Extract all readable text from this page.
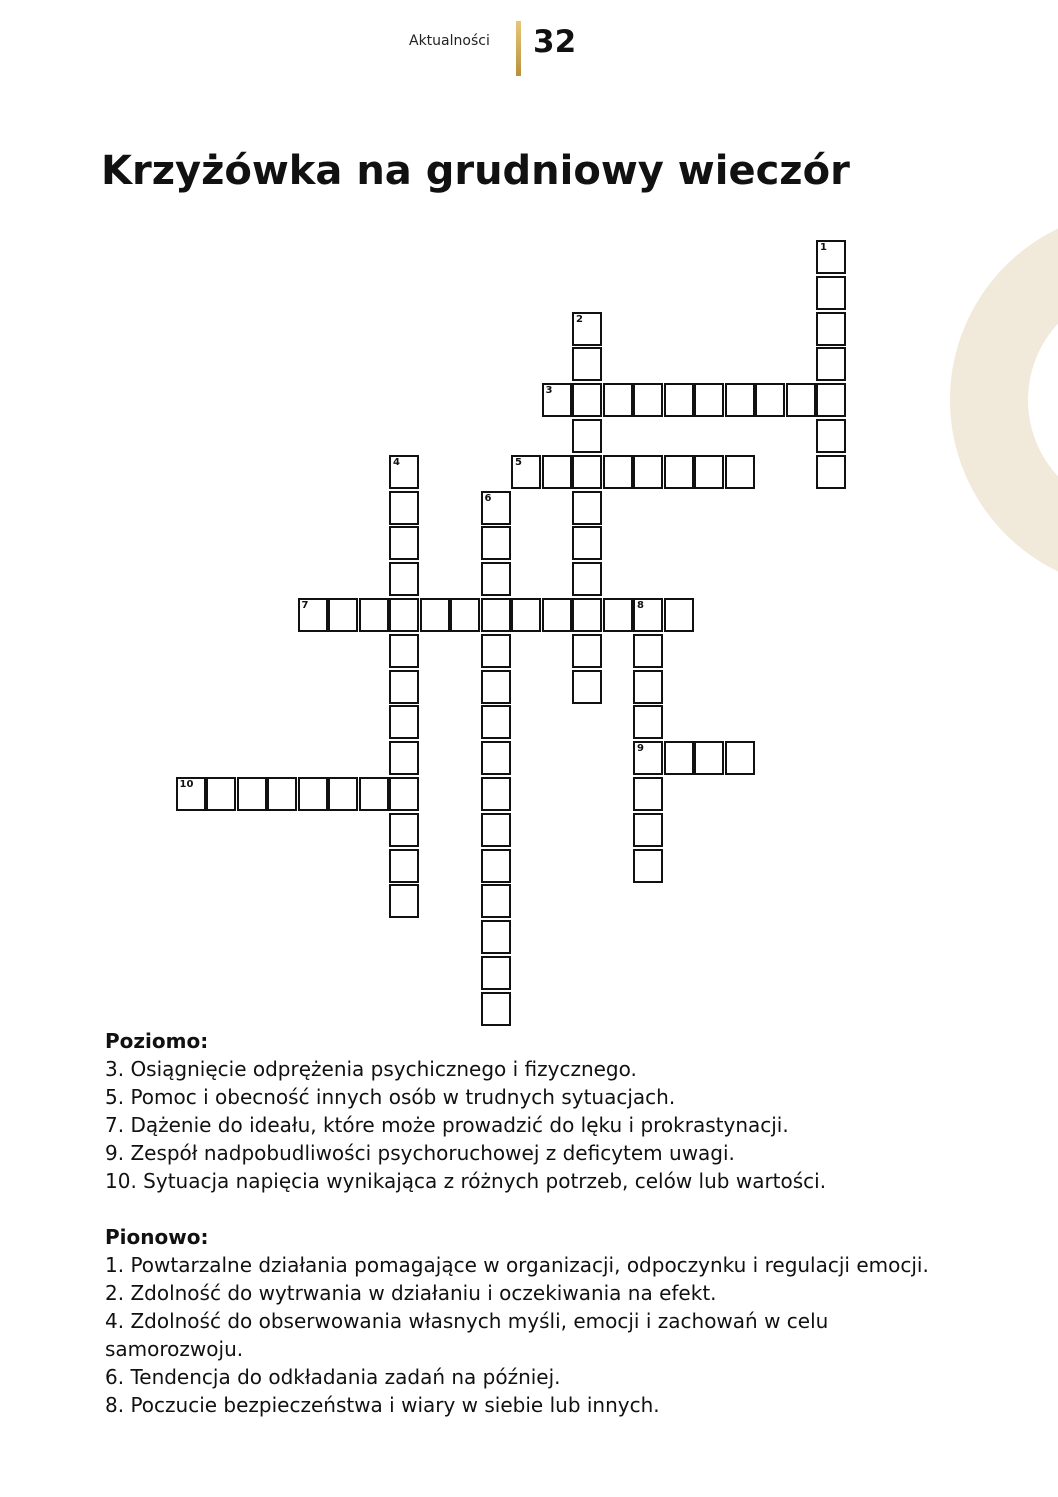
Aktualności 32
Krzyżówka na grudniowy wieczór
1
2
3
4	5
6
7	8
9
10
Poziomo:

3. Osiągnięcie odprężenia psychicznego i fizycznego.

5. Pomoc i obecność innych osób w trudnych sytuacjach.

7. Dążenie do ideału, które może prowadzić do lęku i prokrastynacji.

9. Zespół nadpobudliwości psychoruchowej z deficytem uwagi.

10. Sytuacja napięcia wynikająca z różnych potrzeb, celów lub wartości.

Pionowo:

1. Powtarzalne działania pomagające w organizacji, odpoczynku i regulacji emocji.

2. Zdolność do wytrwania w działaniu i oczekiwania na efekt.

4. Zdolność do obserwowania własnych myśli, emocji i zachowań w celu samorozwoju.

6. Tendencja do odkładania zadań na później.

8. Poczucie bezpieczeństwa i wiary w siebie lub innych.
